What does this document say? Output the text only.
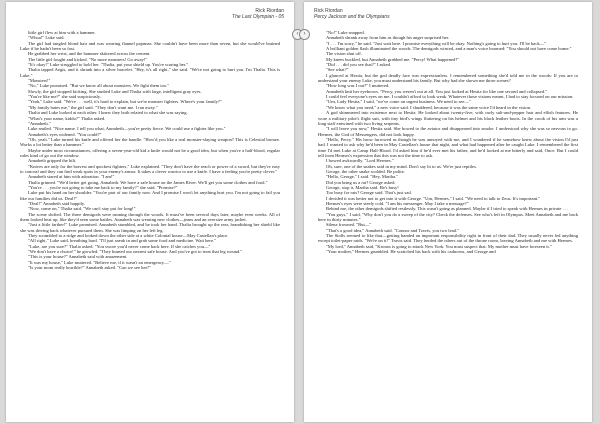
Rick Riordan
The Last Olympian - 05

little girl flew at him with a hammer.

"Whoa!" Luke said.

The girl had tangled blond hair and was wearing flannel pajamas. She couldn't have been more than seven, but she would've brained Luke if he hadn't been so fast.

He grabbed her wrist, and the hammer skittered across the cement.

The little girl fought and kicked. "No more monsters! Go away!"

"It's okay!" Luke struggled to hold her. "Thalia, put your shield up. You're scaring her."

Thalia tapped Aegis, and it shrank into a silver bracelet. "Hey, it's all right," she said. "We're not going to hurt you. I'm Thalia. This is Luke."

"Monsters!"

"No," Luke promised. "But we know all about monsters. We fight them too."

Slowly, the girl stopped kicking. She studied Luke and Thalia with large, intelligent gray eyes.

"You're like me?" she said suspiciously.

"Yeah," Luke said. "We're . . . well, it's hard to explain, but we're monster fighters. Where's your family?"

"My family hates me," the girl said. "They don't want me. I ran away."

Thalia and Luke looked at each other. I knew they both related to what she was saying.

"What's your name, kiddo?" Thalia asked.

"Annabeth."

Luke smiled. "Nice name. I tell you what, Annabeth—you're pretty fierce. We could use a fighter like you."

Annabeth's eyes widened. "You could?"

"Oh, yeah." Luke turned his knife and offered her the handle. "How'd you like a real monster-slaying weapon? This is Celestial bronze. Works a lot better than a hammer."

Maybe under most circumstances, offering a seven-year-old kid a knife would not be a good idea, but when you're a half-blood, regular rules kind of go out the window.

Annabeth gripped the hilt.

"Knives are only for the bravest and quickest fighters," Luke explained. "They don't have the reach or power of a sword, but they're easy to conceal and they can find weak spots in your enemy's armor. It takes a clever warrior to use a knife. I have a feeling you're pretty clever."

Annabeth stared at him with adoration. "I am!"

Thalia grinned. "We'd better get going, Annabeth. We have a safe house on the James River. We'll get you some clothes and food."

"You're . . . you're not going to take me back to my family?" she said. "Promise?"

Luke put his hand on her shoulder. "You're part of our family now. And I promise I won't let anything hurt you. I'm not going to fail you like our families did us. Deal?"

"Deal!" Annabeth said happily.

"Now, come on," Thalia said. "We can't stay put for long!"

The scene shifted. The three demigods were running through the woods. It must've been several days later, maybe even weeks. All of them looked beat up, like they'd seen some battles. Annabeth was wearing new clothes—jeans and an oversize army jacket.

"Just a little farther!" Luke promised. Annabeth stumbled, and he took her hand. Thalia brought up the rear, brandishing her shield like she was driving back whatever pursued them. She was limping on her left leg.

They scrambled to a ridge and looked down the other side at a white Colonial house—May Castellan's place.

"All right," Luke said, breathing hard. "I'll just sneak in and grab some food and medicine. Wait here."

"Luke, are you sure?" Thalia asked. "You swore you'd never come back here. If she catches you—"

"We don't have a choice!" he growled. "They burned our nearest safe house. And you've got to treat that leg wound."

"This is your house?" Annabeth said with amazement.

"It was my house," Luke muttered. "Believe me, if it wasn't an emergency—"

"Is your mom really horrible?" Annabeth asked. "Can we see her?"

Rick Riordan
Percy Jackson and the Olympians

"No!" Luke snapped.

Annabeth shrank away from him as though his anger surprised her.

"I . . . I'm sorry," he said. "Just wait here. I promise everything will be okay. Nothing's going to hurt you. I'll be back—"

A brilliant golden flash illuminated the woods. The demigods winced, and a man's voice boomed: "You should not have come home."

The vision shut off.

My knees buckled, but Annabeth grabbed me. "Percy! What happened?"

"Did . . . did you see that?" I asked.

"See what?"

I glanced at Hestia, but the god deadly face was expressionless. I remembered something she'd told me in the woods: If you are to understand your enemy Luke, you must understand his family. But why had she shown me those scenes?

"How long was I out?" I muttered.

Annabeth knit her eyebrows. "Percy, you weren't out at all. You just looked at Hestia for like one second and collapsed."

I could feel everyone's eyes on me. I couldn't afford to look weak. Whatever those visions meant, I had to stay focused on our mission.

"Um, Lady Hestia," I said, "we've come on urgent business. We need to see—"

"We know what you need," a new voice said. I shuddered, because it was the same voice I'd heard in the vision.

A god shimmered into existence next to Hestia. He looked about twenty-five, with curly salt-and-pepper hair and elfish features. He wore a military pilot's flight suit, with tiny bird's wings fluttering on his helmet and his black leather boots. In the crook of his arm was a long staff entwined with two living serpents.

"I will leave you now," Hestia said. She bowed to the aviator and disappeared into smoke. I understood why she was so nervous to go. Hermes, the God of Messengers, did not look happy.

"Hello, Percy." His brow furrowed as though he was annoyed with me, and I wondered if he somehow knew about the vision I'd just had. I wanted to ask why he'd been in May Castellan's house that night, and what had happened after he caught Luke. I remembered the first time I'd met Luke at Camp Half-Blood. I'd asked him if he'd ever met his father, and he'd looked at me bitterly and said, Once. But I could tell from Hermes's expression that this was not the time to ask.

I bowed awkwardly. "Lord Hermes."

Oh, sure, one of the snakes said in my mind. Don't say hi to us. We're just reptiles.

George, the other snake scolded. Be polite.

"Hello, George," I said. "Hey, Martha."

Did you bring us a rat? George asked.

George, stop it, Martha said. He's busy!

Too busy for rats? George said. That's just sad.

I decided it was better not to get into it with George. "Um, Hermes," I said. "We need to talk to Zeus. It's important."

Hermes's eyes were steely cold. "I am his messenger. May I take a message?"

Behind me, the other demigods shifted restlessly. This wasn't going as planned. Maybe if I tried to speak with Hermes in private . . .

"You guys," I said, "Why don't you do a sweep of the city? Check the defenses. See who's left in Olympus. Meet Annabeth and me back here in thirty minutes."

Silena frowned. "But—"

"That's a good idea," Annabeth said. "Connor and Travis, you two lead."

The Stolls seemed to like that—getting handed an important responsibility right in front of their dad. They usually never led anything except toilet-paper raids. "We're on it!" Travis said. They herded the others out of the throne room, leaving Annabeth and me with Hermes.

"My lord," Annabeth said, "Kronos is going to attack New York. You must suspect that. My mother must have foreseen it."

"Your mother," Hermes grumbled. He scratched his back with his caduceus, and George and

‹ ›
